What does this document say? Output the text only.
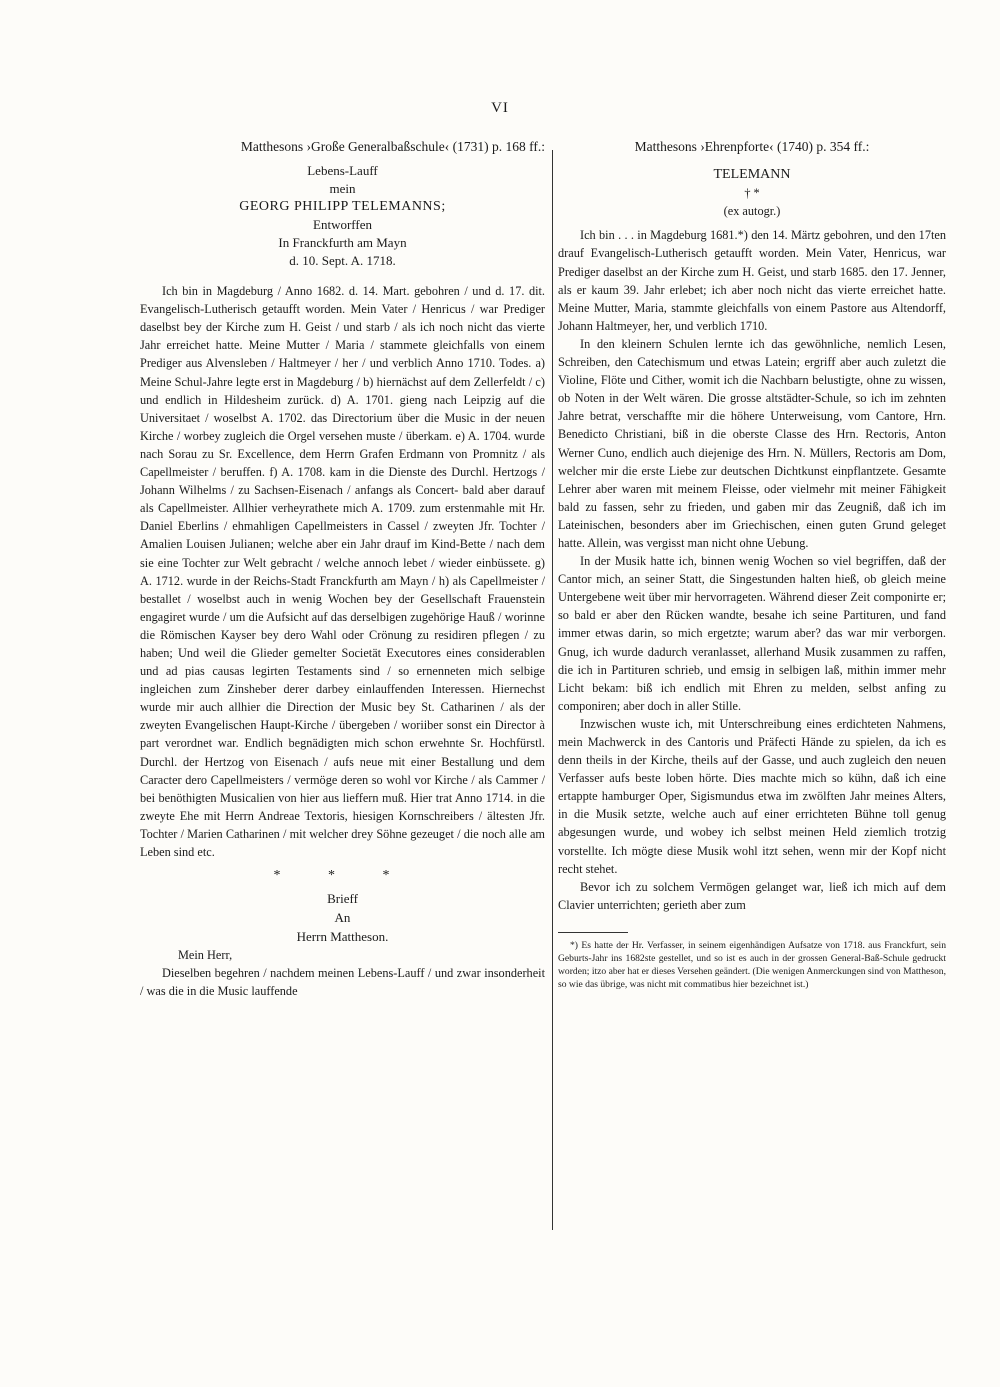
VI
Matthesons ›Große Generalbaßschule‹ (1731) p. 168 ff.:
Lebens-Lauff
mein
GEORG PHILIPP TELEMANNS;
Entworffen
In Franckfurth am Mayn
d. 10. Sept. A. 1718.

Ich bin in Magdeburg / Anno 1682. d. 14. Mart. gebohren / und d. 17. dit. Evangelisch-Lutherisch getaufft worden. Mein Vater / Henricus / war Prediger daselbst bey der Kirche zum H. Geist / und starb / als ich noch nicht das vierte Jahr erreichet hatte. Meine Mutter / Maria / stammete gleichfalls von einem Prediger aus Alvensleben / Haltmeyer / her / und verblich Anno 1710. Todes. a) Meine Schul-Jahre legte erst in Magdeburg / b) hiernächst auf dem Zellerfeldt / c) und endlich in Hildesheim zurück. d) A. 1701. gieng nach Leipzig auf die Universitaet / woselbst A. 1702. das Directorium über die Music in der neuen Kirche / worbey zugleich die Orgel versehen muste / überkam. e) A. 1704. wurde nach Sorau zu Sr. Excellence, dem Herrn Grafen Erdmann von Promnitz / als Capellmeister / beruffen. f) A. 1708. kam in die Dienste des Durchl. Hertzogs / Johann Wilhelms / zu Sachsen-Eisenach / anfangs als Concert- bald aber darauf als Capellmeister. Allhier verheyrathete mich A. 1709. zum erstenmahle mit Hr. Daniel Eberlins / ehmahligen Capellmeisters in Cassel / zweyten Jfr. Tochter / Amalien Louisen Julianen; welche aber ein Jahr drauf im Kind-Bette / nach dem sie eine Tochter zur Welt gebracht / welche annoch lebet / wieder einbüssete. g) A. 1712. wurde in der Reichs-Stadt Franckfurth am Mayn / h) als Capellmeister / bestallet / woselbst auch in wenig Wochen bey der Gesellschaft Frauenstein engagiret wurde / um die Aufsicht auf das derselbigen zugehörige Hauß / worinne die Römischen Kayser bey dero Wahl oder Crönung zu residiren pflegen / zu haben; Und weil die Glieder gemelter Societät Executores eines considerablen und ad pias causas legirten Testaments sind / so ernenneten mich selbige ingleichen zum Zinsheber derer darbey einlauffenden Interessen. Hiernechst wurde mir auch allhier die Direction der Music bey St. Catharinen / als der zweyten Evangelischen Haupt-Kirche / übergeben / woriiber sonst ein Director à part verordnet war. Endlich begnädigten mich schon erwehnte Sr. Hochfürstl. Durchl. der Hertzog von Eisenach / aufs neue mit einer Bestallung und dem Caracter dero Capellmeisters / vermöge deren so wohl vor Kirche / als Cammer / bei benöthigten Musicalien von hier aus lieffern muß. Hier trat Anno 1714. in die zweyte Ehe mit Herrn Andreae Textoris, hiesigen Kornschreibers / ältesten Jfr. Tochter / Marien Catharinen / mit welcher drey Söhne gezeuget / die noch alle am Leben sind etc.

* * *
Brieff
An
Herrn Mattheson.

Mein Herr,

Dieselben begehren / nachdem meinen Lebens-Lauff / und zwar insonderheit / was die in die Music lauffende

Matthesons ›Ehrenpforte‹ (1740) p. 354 ff.:
TELEMANN
† *
(ex autogr.)

Ich bin . . . in Magdeburg 1681.*) den 14. Märtz gebohren, und den 17ten drauf Evangelisch-Lutherisch getaufft worden. Mein Vater, Henricus, war Prediger daselbst an der Kirche zum H. Geist, und starb 1685. den 17. Jenner, als er kaum 39. Jahr erlebet; ich aber noch nicht das vierte erreichet hatte. Meine Mutter, Maria, stammte gleichfalls von einem Pastore aus Altendorff, Johann Haltmeyer, her, und verblich 1710.

In den kleinern Schulen lernte ich das gewöhnliche, nemlich Lesen, Schreiben, den Catechismum und etwas Latein; ergriff aber auch zuletzt die Violine, Flöte und Cither, womit ich die Nachbarn belustigte, ohne zu wissen, ob Noten in der Welt wären. Die grosse altstädter-Schule, so ich im zehnten Jahre betrat, verschaffte mir die höhere Unterweisung, vom Cantore, Hrn. Benedicto Christiani, biß in die oberste Classe des Hrn. Rectoris, Anton Werner Cuno, endlich auch diejenige des Hrn. N. Müllers, Rectoris am Dom, welcher mir die erste Liebe zur deutschen Dichtkunst einpflantzete. Gesamte Lehrer aber waren mit meinem Fleisse, oder vielmehr mit meiner Fähigkeit bald zu fassen, sehr zu frieden, und gaben mir das Zeugniß, daß ich im Lateinischen, besonders aber im Griechischen, einen guten Grund geleget hatte. Allein, was vergisst man nicht ohne Uebung.

In der Musik hatte ich, binnen wenig Wochen so viel begriffen, daß der Cantor mich, an seiner Statt, die Singestunden halten hieß, ob gleich meine Untergebene weit über mir hervorrageten. Während dieser Zeit componirte er; so bald er aber den Rücken wandte, besahe ich seine Partituren, und fand immer etwas darin, so mich ergetzte; warum aber? das war mir verborgen. Gnug, ich wurde dadurch veranlasset, allerhand Musik zusammen zu raffen, die ich in Partituren schrieb, und emsig in selbigen laß, mithin immer mehr Licht bekam: biß ich endlich mit Ehren zu melden, selbst anfing zu componiren; aber doch in aller Stille.

Inzwischen wuste ich, mit Unterschreibung eines erdichteten Nahmens, mein Machwerck in des Cantoris und Präfecti Hände zu spielen, da ich es denn theils in der Kirche, theils auf der Gasse, und auch zugleich den neuen Verfasser aufs beste loben hörte. Dies machte mich so kühn, daß ich eine ertappte hamburger Oper, Sigismundus etwa im zwölften Jahr meines Alters, in die Musik setzte, welche auch auf einer errichteten Bühne toll genug abgesungen wurde, und wobey ich selbst meinen Held ziemlich trotzig vorstellte. Ich mögte diese Musik wohl itzt sehen, wenn mir der Kopf nicht recht stehet.

Bevor ich zu solchem Vermögen gelanget war, ließ ich mich auf dem Clavier unterrichten; gerieth aber zum

*) Es hatte der Hr. Verfasser, in seinem eigenhändigen Aufsatze von 1718. aus Franckfurt, sein Geburts-Jahr ins 1682ste gestellet, und so ist es auch in der grossen General-Baß-Schule gedruckt worden; itzo aber hat er dieses Versehen geändert. (Die wenigen Anmerckungen sind von Mattheson, so wie das übrige, was nicht mit commatibus hier bezeichnet ist.)
